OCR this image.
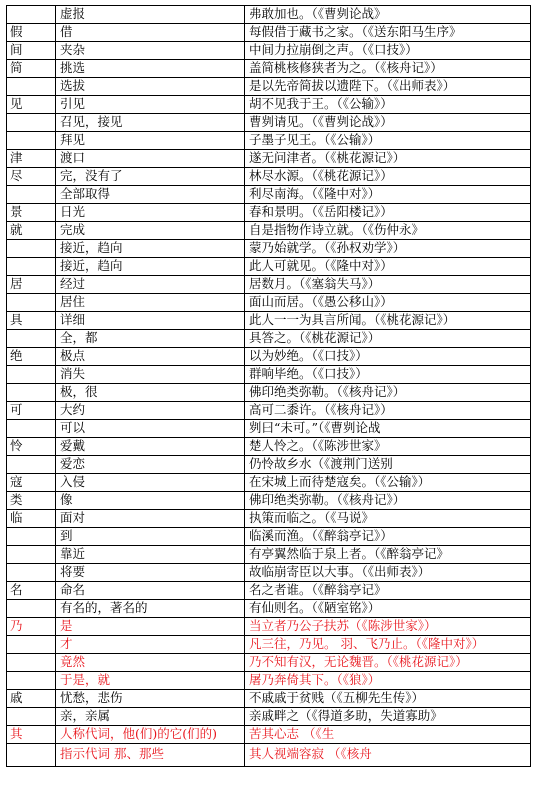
	虚报	弗敢加也。（《曹刿论战》
假	借	每假借于藏书之家。（《送东阳马生序》
间	夹杂	中间力拉崩倒之声。（《口技》）
简	挑选	盖简桃核修狭者为之。（《核舟记》）
	选拔	是以先帝简拔以遗陛下。（《出师表》）
见	引见	胡不见我于王。（《公输》）
	召见，接见	曹刿请见。（《曹刿论战》）
	拜见	子墨子见王。（《公输》）
津	渡口	遂无问津者。（《桃花源记》）
尽	完，没有了	林尽水源。（《桃花源记》）
	全部取得	利尽南海。（《隆中对》）
景	日光	春和景明。（《岳阳楼记》）
就	完成	自是指物作诗立就。（《伤仲永》
	接近，趋向	蒙乃始就学。（《孙权劝学》）
	接近，趋向	此人可就见。（《隆中对》）
居	经过	居数月。（《塞翁失马》）
	居住	面山而居。（《愚公移山》）
具	详细	此人一一为具言所闻。（《桃花源记》）
	全，都	具答之。（《桃花源记》）
绝	极点	以为妙绝。（《口技》）
	消失	群响毕绝。（《口技》）
	极，很	佛印绝类弥勒。（《核舟记》）
可	大约	高可二黍许。（《核舟记》）
	可以	刿曰“未可。”（《曹刿论战
怜	爱戴	楚人怜之。（《陈涉世家》
	爱恋	仍怜故乡水（《渡荆门送别
寇	入侵	在宋城上而待楚寇矣。（《公输》）
类	像	佛印绝类弥勒。（《核舟记》）
临	面对	执策而临之。（《马说》
	到	临溪而渔。（《醉翁亭记》）
	靠近	有亭翼然临于泉上者。（《醉翁亭记》
	将要	故临崩寄臣以大事。（《出师表》）
名	命名	名之者谁。（《醉翁亭记》
	有名的，著名的	有仙则名。（《陋室铭》）
乃	是	当立者乃公子扶苏（《陈涉世家》）
	才	凡三往，乃见。 羽、飞乃止。（《隆中对》）
	竟然	乃不知有汉，无论魏晋。（《桃花源记》）
	于是，就	屠乃奔倚其下。（《狼》）
戚	忧愁，悲伤	不戚戚于贫贱（《五柳先生传》）
	亲，亲属	亲戚畔之（《得道多助，失道寡助》
其	人称代词，他(们)的它(们的)	苦其心志 （《生
	指示代词 那、那些	其人视端容寂 （《核舟
